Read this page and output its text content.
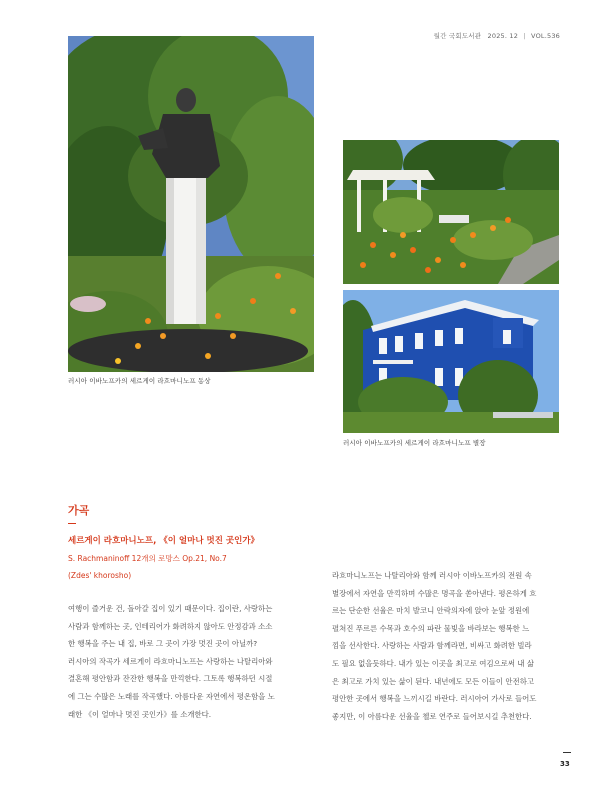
월간 국회도서관 2025. 12 | VOL.536
러시아 이바노프카의 세르게이 라흐마니노프 동상
러시아 이바노프카의 세르게이 라흐마니노프 별장
가곡
세르게이 라흐마니노프, 《이 얼마나 멋진 곳인가》
S. Rachmaninoff 12개의 로망스 Op.21, No.7
(Zdes' khorosho)
여행이 즐거운 건, 돌아갈 집이 있기 때문이다. 집이란, 사랑하는
사람과 함께하는 곳, 인테리어가 화려하지 않아도 안정감과 소소
한 행복을 주는 내 집, 바로 그 곳이 가장 멋진 곳이 아닐까?
러시아의 작곡가 세르게이 라흐마니노프는 사랑하는 나탈리아와
결혼해 평안함과 잔잔한 행복을 만끽한다. 그토록 행복하던 시절
에 그는 수많은 노래를 작곡했다. 아름다운 자연에서 평온함을 노
래한 《이 얼마나 멋진 곳인가》를 소개한다.
라흐마니노프는 나탈리아와 함께 러시아 이바노프카의 전원 속
별장에서 자연을 만끽하며 수많은 명곡을 쏟아낸다. 평온하게 흐
르는 단순한 선율은 마치 발코니 안락의자에 앉아 눈앞 정원에
펼쳐진 푸르른 수목과 호수의 파란 물빛을 바라보는 행복한 느
낌을 선사한다. 사랑하는 사람과 함께라면, 비싸고 화려한 빌라
도 필요 없을듯하다. 내가 있는 이곳을 최고로 여김으로써 내 삶
은 최고로 가치 있는 삶이 된다. 내년에도 모든 이들이 안전하고
평안한 곳에서 행복을 느끼시길 바란다. 러시아어 가사로 들어도
좋지만, 이 아름다운 선율을 첼로 연주로 들어보시길 추천한다.
33
